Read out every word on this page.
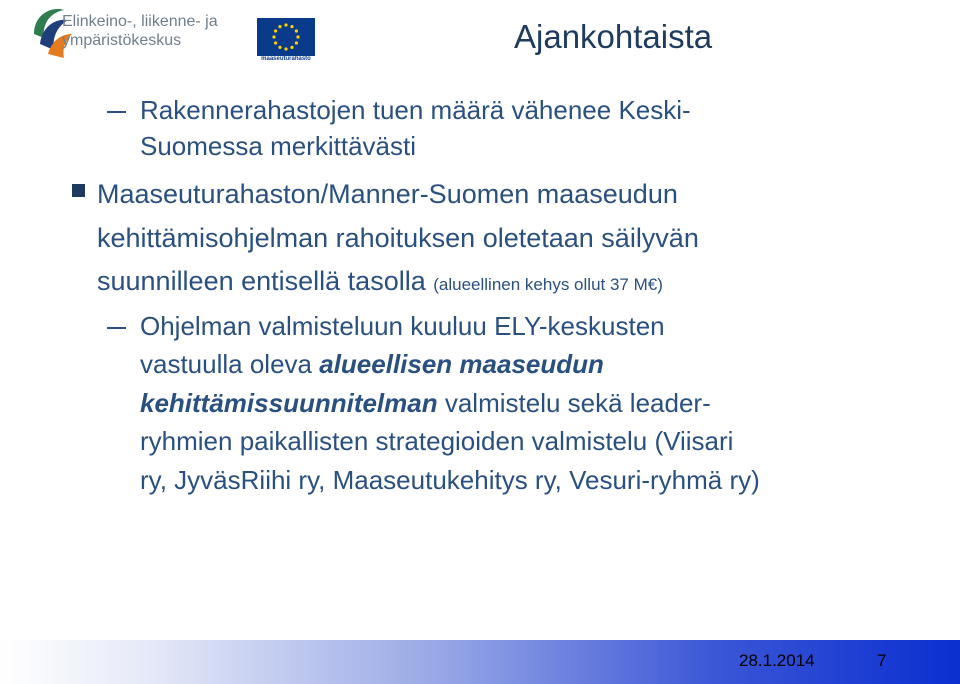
Elinkeino-, liikenne- ja
ympäristökeskus
maaseuturahasto
Ajankohtaista
Rakennerahastojen tuen määrä vähenee Keski-
Suomessa merkittävästi
Maaseuturahaston/Manner-Suomen maaseudun
kehittämisohjelman rahoituksen oletetaan säilyvän
suunnilleen entisellä tasolla (alueellinen kehys ollut 37 M€)
Ohjelman valmisteluun kuuluu ELY-keskusten
vastuulla oleva alueellisen maaseudun
kehittämissuunnitelman valmistelu sekä leader-
ryhmien paikallisten strategioiden valmistelu (Viisari
ry, JyväsRiihi ry, Maaseutukehitys ry, Vesuri-ryhmä ry)
28.1.2014	7
